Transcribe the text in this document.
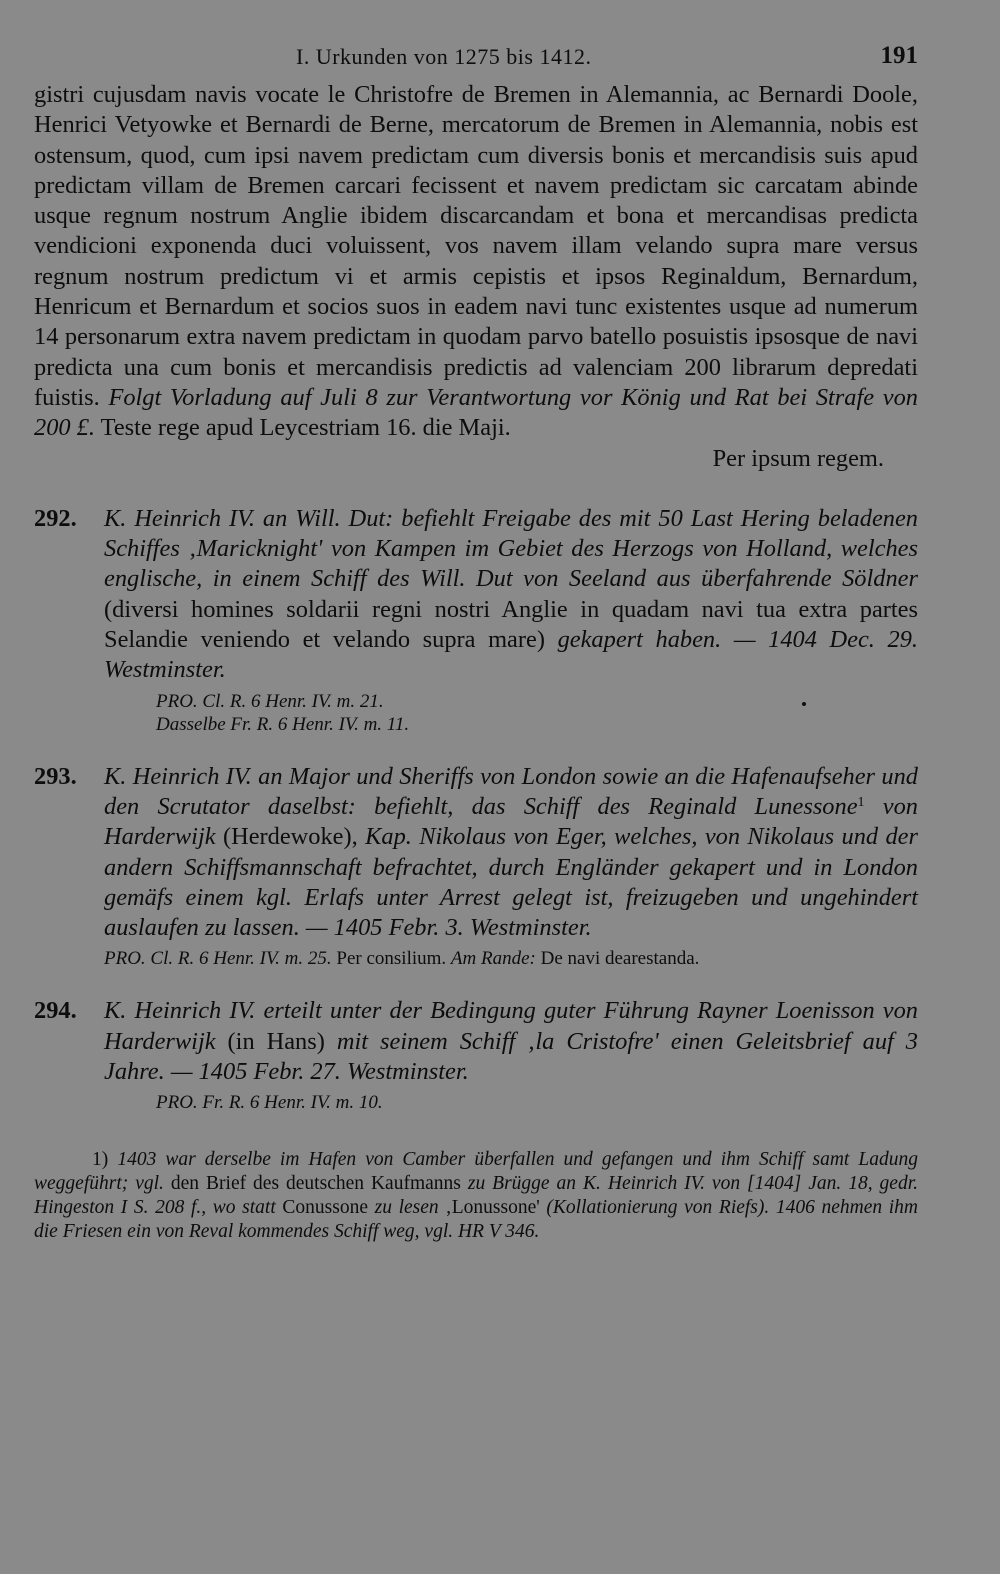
I. Urkunden von 1275 bis 1412.	191

gistri cujusdam navis vocate le Christofre de Bremen in Alemannia, ac Bernardi Doole, Henrici Vetyowke et Bernardi de Berne, mercatorum de Bremen in Alemannia, nobis est ostensum, quod, cum ipsi navem predictam cum diversis bonis et mercandisis suis apud predictam villam de Bremen carcari fecissent et navem predictam sic carcatam abinde usque regnum nostrum Anglie ibidem discarcandam et bona et mercandisas predicta vendicioni exponenda duci voluissent, vos navem illam velando supra mare versus regnum nostrum predictum vi et armis cepistis et ipsos Reginaldum, Bernardum, Henricum et Bernardum et socios suos in eadem navi tunc existentes usque ad numerum 14 personarum extra navem predictam in quodam parvo batello posuistis ipsosque de navi predicta una cum bonis et mercandisis predictis ad valenciam 200 librarum depredati fuistis. Folgt Vorladung auf Juli 8 zur Verantwortung vor König und Rat bei Strafe von 200 £. Teste rege apud Leycestriam 16. die Maji.

Per ipsum regem.
292. K. Heinrich IV. an Will. Dut: befiehlt Freigabe des mit 50 Last Hering beladenen Schiffes ‚Maricknight' von Kampen im Gebiet des Herzogs von Holland, welches englische, in einem Schiff des Will. Dut von Seeland aus überfahrende Söldner (diversi homines soldarii regni nostri Anglie in quadam navi tua extra partes Selandie veniendo et velando supra mare) gekapert haben. — 1404 Dec. 29. Westminster.

PRO. Cl. R. 6 Henr. IV. m. 21.

Dasselbe Fr. R. 6 Henr. IV. m. 11.

293. K. Heinrich IV. an Major und Sheriffs von London sowie an die Hafenaufseher und den Scrutator daselbst: befiehlt, das Schiff des Reginald Lunessone$^1$ von Harderwijk (Herdewoke), Kap. Nikolaus von Eger, welches, von Nikolaus und der andern Schiffsmannschaft befrachtet, durch Engländer gekapert und in London gemäfs einem kgl. Erlafs unter Arrest gelegt ist, freizugeben und ungehindert auslaufen zu lassen. — 1405 Febr. 3. Westminster.

PRO. Cl. R. 6 Henr. IV. m. 25. Per consilium. Am Rande: De navi dearestanda.

294. K. Heinrich IV. erteilt unter der Bedingung guter Führung Rayner Loenisson von Harderwijk (in Hans) mit seinem Schiff ‚la Cristofre' einen Geleitsbrief auf 3 Jahre. — 1405 Febr. 27. Westminster.

PRO. Fr. R. 6 Henr. IV. m. 10.

1) 1403 war derselbe im Hafen von Camber überfallen und gefangen und ihm Schiff samt Ladung weggeführt; vgl. den Brief des deutschen Kaufmanns zu Brügge an K. Heinrich IV. von [1404] Jan. 18, gedr. Hingeston I S. 208 f., wo statt Conussone zu lesen ‚Lonussone' (Kollationierung von Riefs). 1406 nehmen ihm die Friesen ein von Reval kommendes Schiff weg, vgl. HR V 346.
